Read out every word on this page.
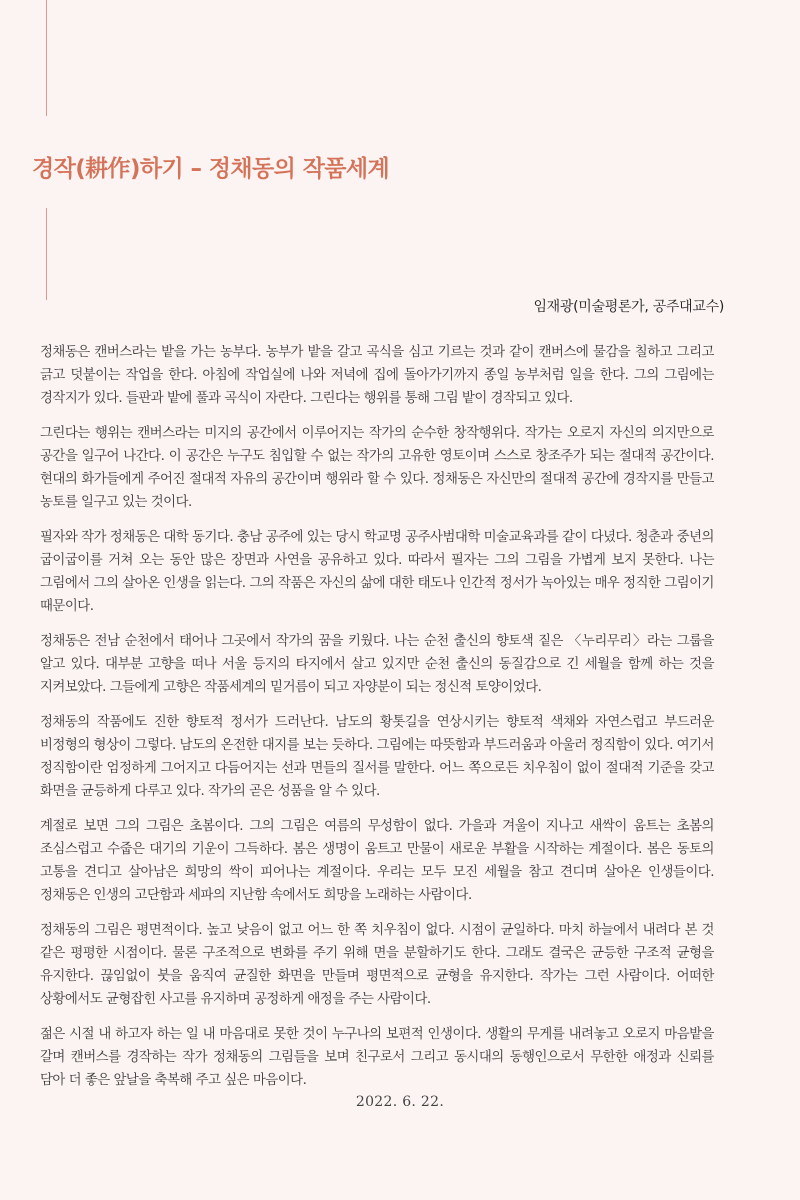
경작(耕作)하기 – 정채동의 작품세계
임재광(미술평론가, 공주대교수)

정채동은 캔버스라는 밭을 가는 농부다. 농부가 밭을 갈고 곡식을 심고 기르는 것과 같이 캔버스에 물감을 칠하고 그리고 긁고 덧붙이는 작업을 한다. 아침에 작업실에 나와 저녁에 집에 돌아가기까지 종일 농부처럼 일을 한다. 그의 그림에는 경작지가 있다. 들판과 밭에 풀과 곡식이 자란다. 그린다는 행위를 통해 그림 밭이 경작되고 있다.

그린다는 행위는 캔버스라는 미지의 공간에서 이루어지는 작가의 순수한 창작행위다. 작가는 오로지 자신의 의지만으로 공간을 일구어 나간다. 이 공간은 누구도 침입할 수 없는 작가의 고유한 영토이며 스스로 창조주가 되는 절대적 공간이다. 현대의 화가들에게 주어진 절대적 자유의 공간이며 행위라 할 수 있다. 정채동은 자신만의 절대적 공간에 경작지를 만들고 농토를 일구고 있는 것이다.

필자와 작가 정채동은 대학 동기다. 충남 공주에 있는 당시 학교명 공주사범대학 미술교육과를 같이 다녔다. 청춘과 중년의 굽이굽이를 거쳐 오는 동안 많은 장면과 사연을 공유하고 있다. 따라서 필자는 그의 그림을 가볍게 보지 못한다. 나는 그림에서 그의 살아온 인생을 읽는다. 그의 작품은 자신의 삶에 대한 태도나 인간적 정서가 녹아있는 매우 정직한 그림이기 때문이다.

정채동은 전남 순천에서 태어나 그곳에서 작가의 꿈을 키웠다. 나는 순천 출신의 향토색 짙은 〈누리무리〉라는 그룹을 알고 있다. 대부분 고향을 떠나 서울 등지의 타지에서 살고 있지만 순천 출신의 동질감으로 긴 세월을 함께 하는 것을 지켜보았다. 그들에게 고향은 작품세계의 밑거름이 되고 자양분이 되는 정신적 토양이었다.

정채동의 작품에도 진한 향토적 정서가 드러난다. 남도의 황톳길을 연상시키는 향토적 색채와 자연스럽고 부드러운 비정형의 형상이 그렇다. 남도의 온전한 대지를 보는 듯하다. 그림에는 따뜻함과 부드러움과 아울러 정직함이 있다. 여기서 정직함이란 엄정하게 그어지고 다듬어지는 선과 면들의 질서를 말한다. 어느 쪽으로든 치우침이 없이 절대적 기준을 갖고 화면을 균등하게 다루고 있다. 작가의 곧은 성품을 알 수 있다.

계절로 보면 그의 그림은 초봄이다. 그의 그림은 여름의 무성함이 없다. 가을과 겨울이 지나고 새싹이 움트는 초봄의 조심스럽고 수줍은 대기의 기운이 그득하다. 봄은 생명이 움트고 만물이 새로운 부활을 시작하는 계절이다. 봄은 동토의 고통을 견디고 살아남은 희망의 싹이 피어나는 계절이다. 우리는 모두 모진 세월을 참고 견디며 살아온 인생들이다. 정채동은 인생의 고단함과 세파의 지난함 속에서도 희망을 노래하는 사람이다.

정채동의 그림은 평면적이다. 높고 낮음이 없고 어느 한 쪽 치우침이 없다. 시점이 균일하다. 마치 하늘에서 내려다 본 것 같은 평평한 시점이다. 물론 구조적으로 변화를 주기 위해 면을 분할하기도 한다. 그래도 결국은 균등한 구조적 균형을 유지한다. 끊임없이 붓을 움직여 균질한 화면을 만들며 평면적으로 균형을 유지한다. 작가는 그런 사람이다. 어떠한 상황에서도 균형잡힌 사고를 유지하며 공정하게 애정을 주는 사람이다.

젊은 시절 내 하고자 하는 일 내 마음대로 못한 것이 누구나의 보편적 인생이다. 생활의 무게를 내려놓고 오로지 마음밭을 갈며 캔버스를 경작하는 작가 정채동의 그림들을 보며 친구로서 그리고 동시대의 동행인으로서 무한한 애정과 신뢰를 담아 더 좋은 앞날을 축복해 주고 싶은 마음이다.

2022. 6. 22.
